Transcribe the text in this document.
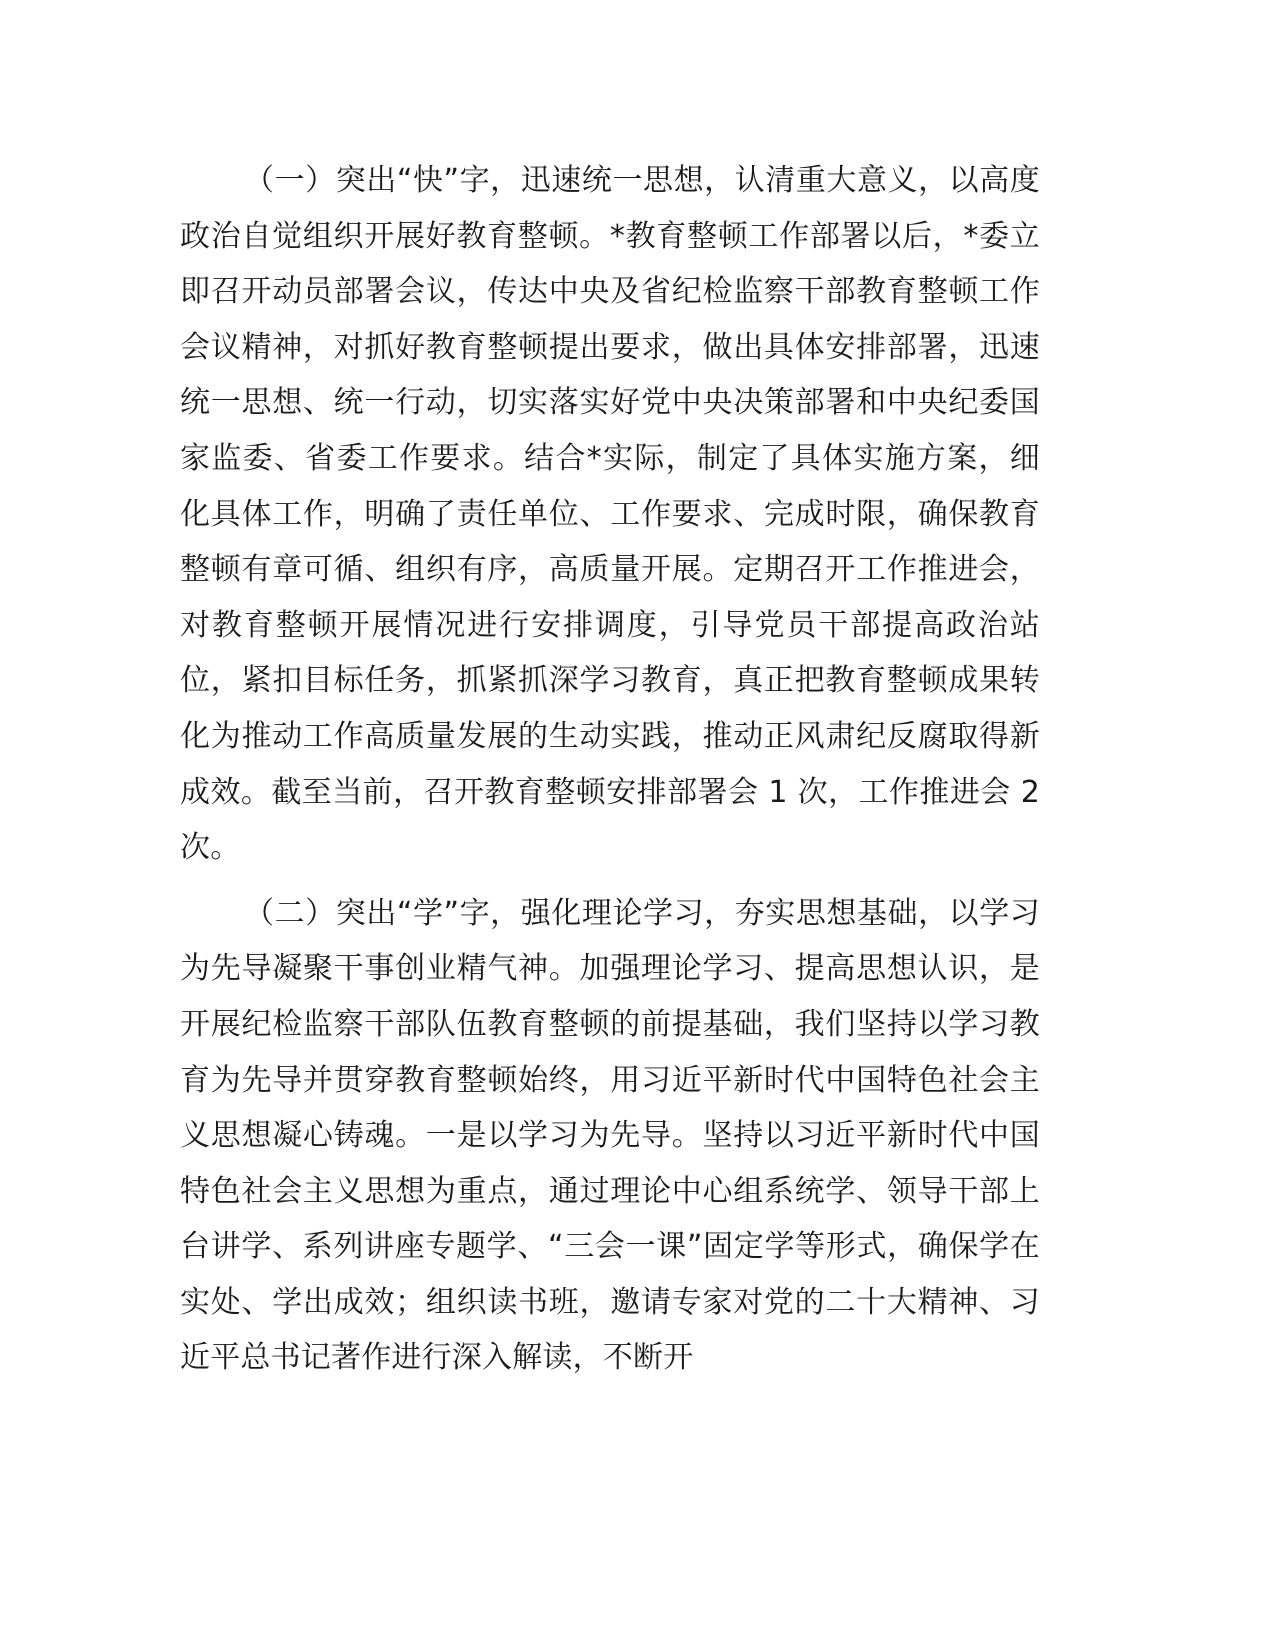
（一）突出“快”字，迅速统一思想，认清重大意义，以高度政治自觉组织开展好教育整顿。*教育整顿工作部署以后，*委立即召开动员部署会议，传达中央及省纪检监察干部教育整顿工作会议精神，对抓好教育整顿提出要求，做出具体安排部署，迅速统一思想、统一行动，切实落实好党中央决策部署和中央纪委国家监委、省委工作要求。结合*实际，制定了具体实施方案，细化具体工作，明确了责任单位、工作要求、完成时限，确保教育整顿有章可循、组织有序，高质量开展。定期召开工作推进会，对教育整顿开展情况进行安排调度，引导党员干部提高政治站位，紧扣目标任务，抓紧抓深学习教育，真正把教育整顿成果转化为推动工作高质量发展的生动实践，推动正风肃纪反腐取得新成效。截至当前，召开教育整顿安排部署会 1 次，工作推进会 2 次。

（二）突出“学”字，强化理论学习，夯实思想基础，以学习为先导凝聚干事创业精气神。加强理论学习、提高思想认识，是开展纪检监察干部队伍教育整顿的前提基础，我们坚持以学习教育为先导并贯穿教育整顿始终，用习近平新时代中国特色社会主义思想凝心铸魂。一是以学习为先导。坚持以习近平新时代中国特色社会主义思想为重点，通过理论中心组系统学、领导干部上台讲学、系列讲座专题学、“三会一课”固定学等形式，确保学在实处、学出成效；组织读书班，邀请专家对党的二十大精神、习近平总书记著作进行深入解读，不断开
